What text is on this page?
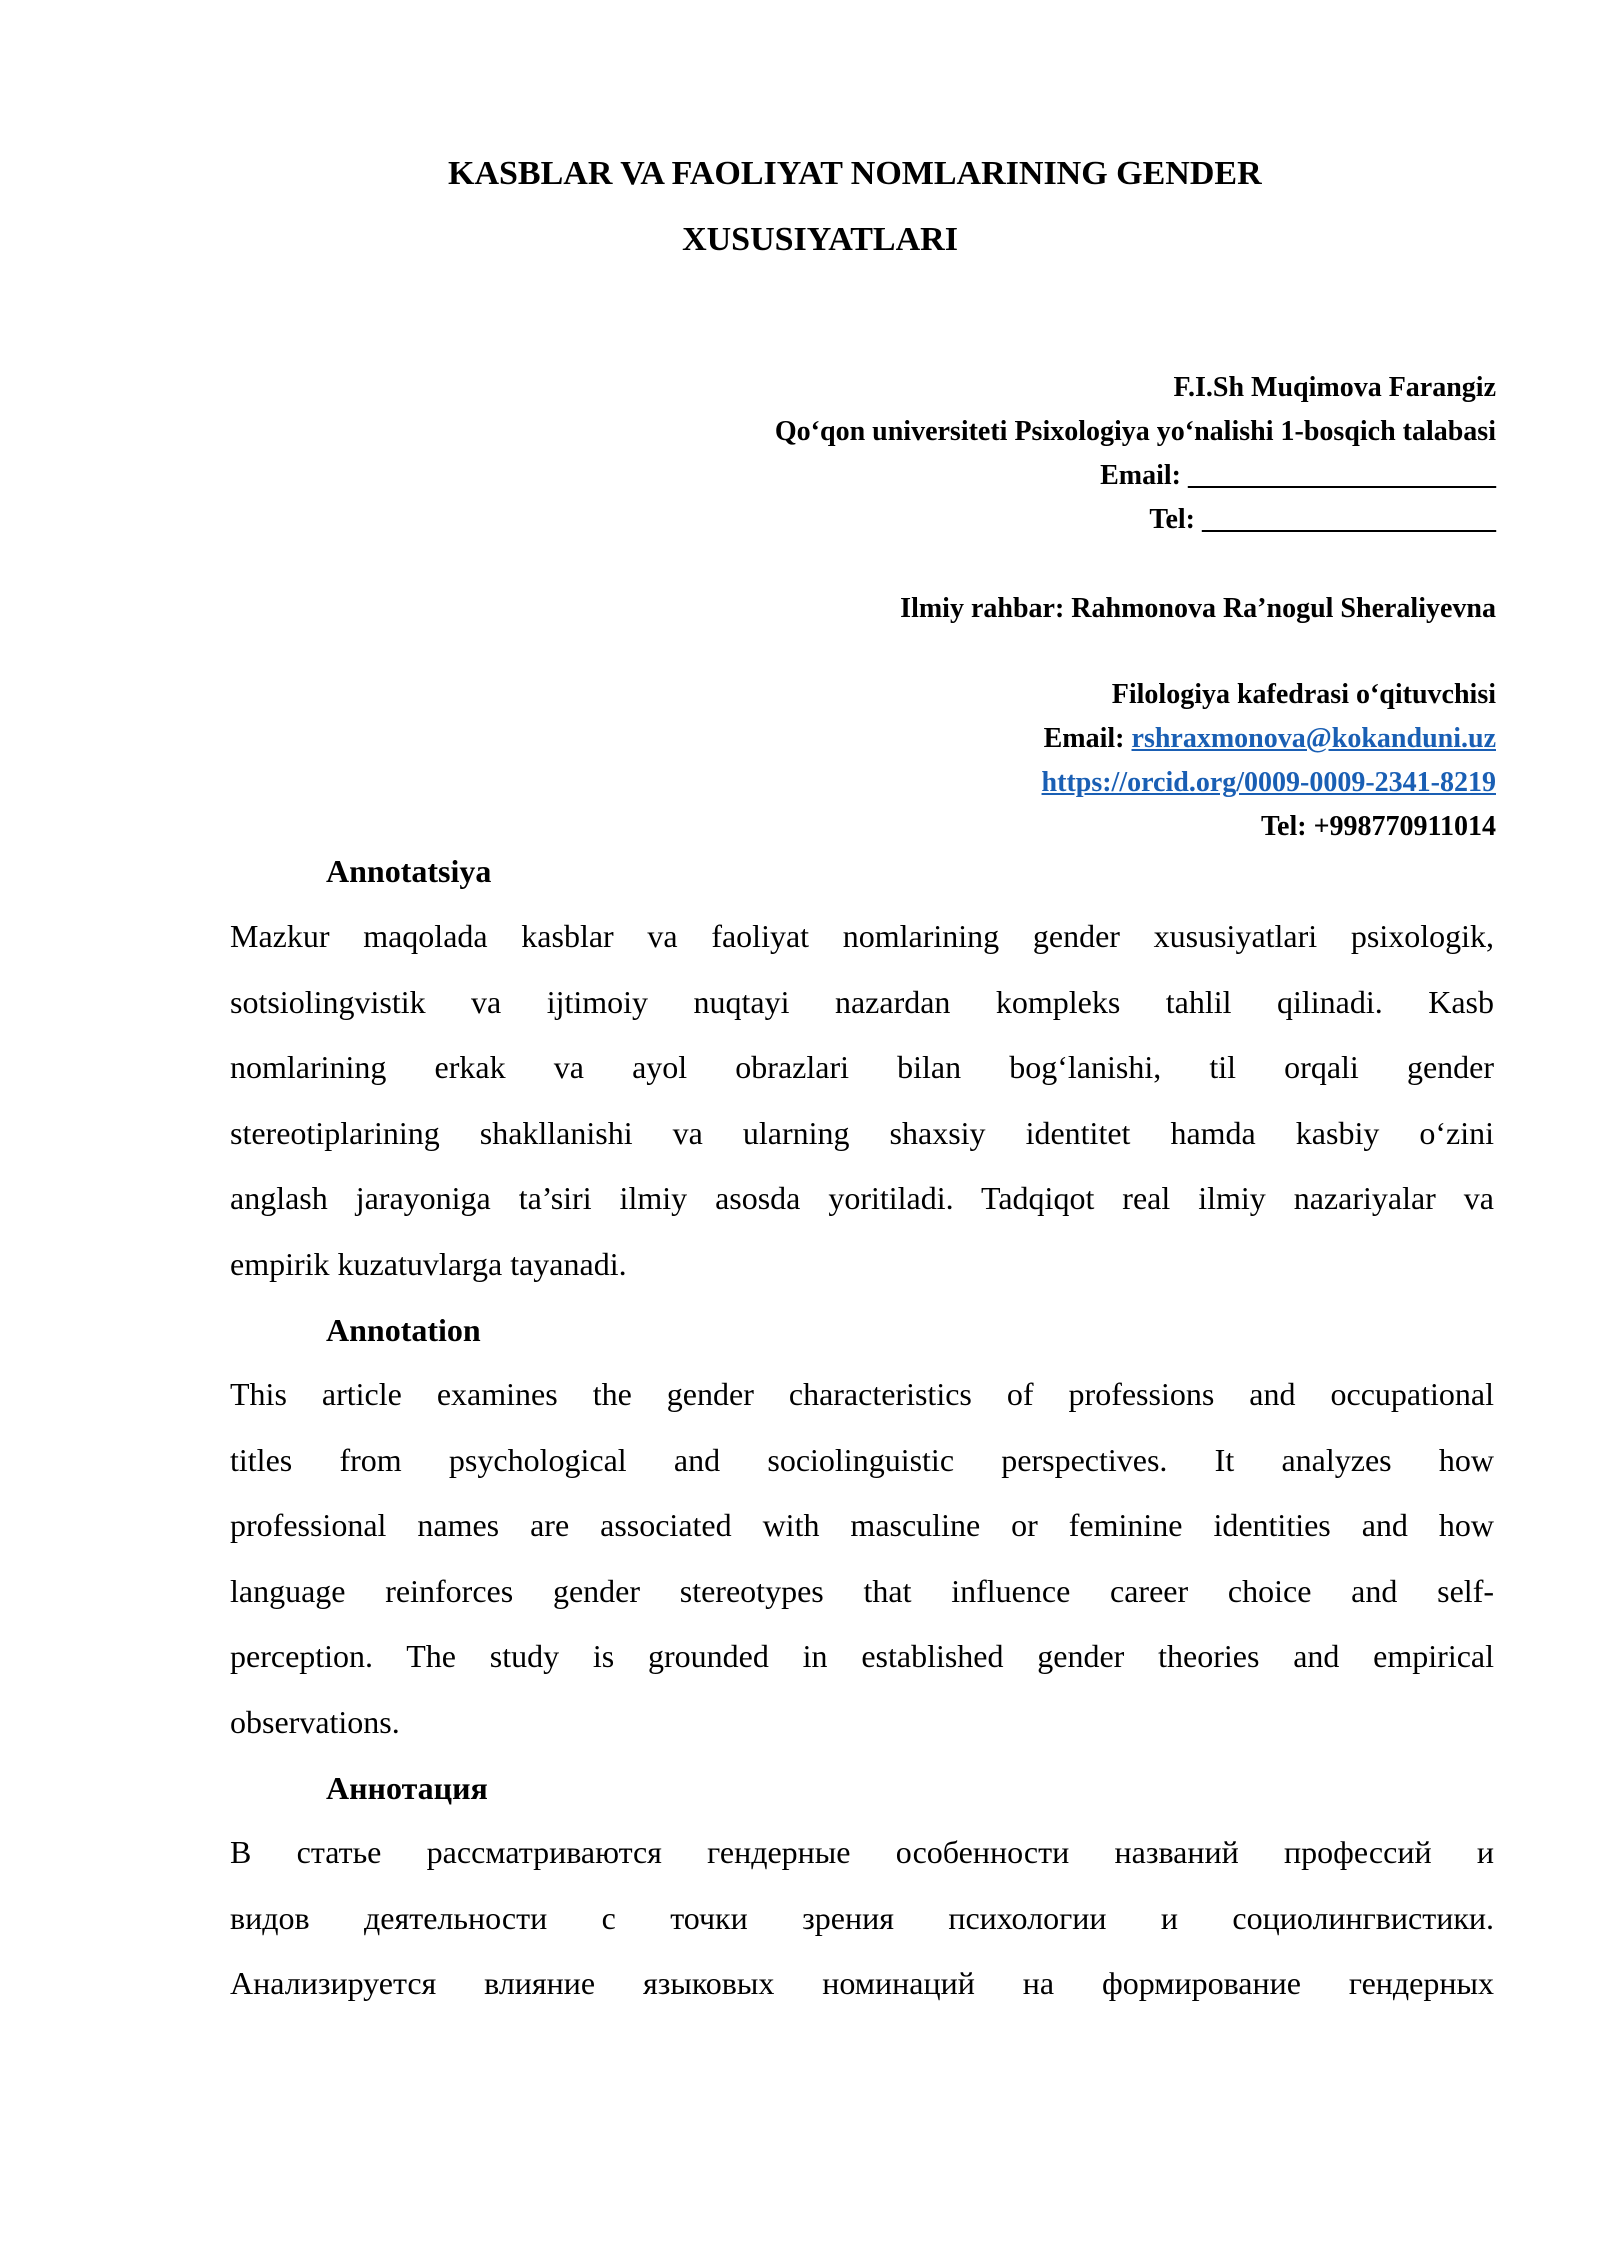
KASBLAR VA FAOLIYAT NOMLARINING GENDER
XUSUSIYATLARI
F.I.Sh Muqimova Farangiz
Qo‘qon universiteti Psixologiya yo‘nalishi 1-bosqich talabasi
Email: ______________________
Tel: _____________________
Ilmiy rahbar: Rahmonova Ra’nogul Sheraliyevna
Filologiya kafedrasi o‘qituvchisi
Email: rshraxmonova@kokanduni.uz
https://orcid.org/0009-0009-2341-8219
Tel: +998770911014
Annotatsiya
Mazkur maqolada kasblar va faoliyat nomlarining gender xususiyatlari psixologik,
sotsiolingvistik va ijtimoiy nuqtayi nazardan kompleks tahlil qilinadi. Kasb
nomlarining erkak va ayol obrazlari bilan bog‘lanishi, til orqali gender
stereotiplarining shakllanishi va ularning shaxsiy identitet hamda kasbiy o‘zini
anglash jarayoniga ta’siri ilmiy asosda yoritiladi. Tadqiqot real ilmiy nazariyalar va
empirik kuzatuvlarga tayanadi.
Annotation
This article examines the gender characteristics of professions and occupational
titles from psychological and sociolinguistic perspectives. It analyzes how
professional names are associated with masculine or feminine identities and how
language reinforces gender stereotypes that influence career choice and self-
perception. The study is grounded in established gender theories and empirical
observations.
Аннотация
В статье рассматриваются гендерные особенности названий профессий и
видов деятельности с точки зрения психологии и социолингвистики.
Анализируется влияние языковых номинаций на формирование гендерных
